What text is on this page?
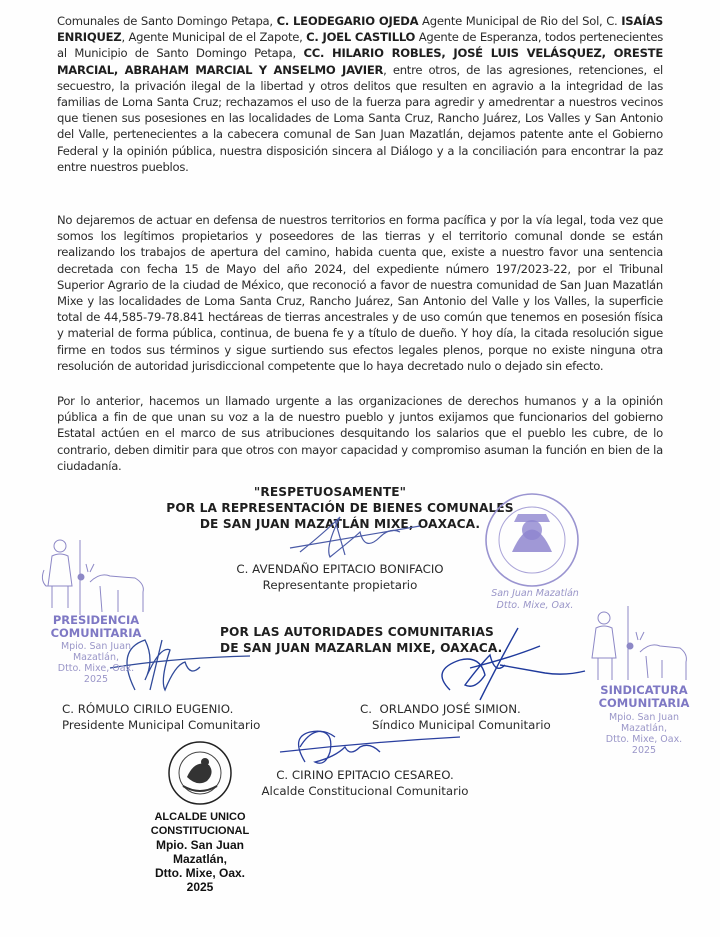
Comunales de Santo Domingo Petapa, C. LEODEGARIO OJEDA Agente Municipal de Rio del Sol, C. ISAÍAS ENRIQUEZ, Agente Municipal de el Zapote, C. JOEL CASTILLO Agente de Esperanza, todos pertenecientes al Municipio de Santo Domingo Petapa, CC. HILARIO ROBLES, JOSÉ LUIS VELÁSQUEZ, ORESTE MARCIAL, ABRAHAM MARCIAL Y ANSELMO JAVIER, entre otros, de las agresiones, retenciones, el secuestro, la privación ilegal de la libertad y otros delitos que resulten en agravio a la integridad de las familias de Loma Santa Cruz; rechazamos el uso de la fuerza para agredir y amedrentar a nuestros vecinos que tienen sus posesiones en las localidades de Loma Santa Cruz, Rancho Juárez, Los Valles y San Antonio del Valle, pertenecientes a la cabecera comunal de San Juan Mazatlán, dejamos patente ante el Gobierno Federal y la opinión pública, nuestra disposición sincera al Diálogo y a la conciliación para encontrar la paz entre nuestros pueblos.
No dejaremos de actuar en defensa de nuestros territorios en forma pacífica y por la vía legal, toda vez que somos los legítimos propietarios y poseedores de las tierras y el territorio comunal donde se están realizando los trabajos de apertura del camino, habida cuenta que, existe a nuestro favor una sentencia decretada con fecha 15 de Mayo del año 2024, del expediente número 197/2023-22, por el Tribunal Superior Agrario de la ciudad de México, que reconoció a favor de nuestra comunidad de San Juan Mazatlán Mixe y las localidades de Loma Santa Cruz, Rancho Juárez, San Antonio del Valle y los Valles, la superficie total de 44,585-79-78.841 hectáreas de tierras ancestrales y de uso común que tenemos en posesión física y material de forma pública, continua, de buena fe y a título de dueño. Y hoy día, la citada resolución sigue firme en todos sus términos y sigue surtiendo sus efectos legales plenos, porque no existe ninguna otra resolución de autoridad jurisdiccional competente que lo haya decretado nulo o dejado sin efecto.
Por lo anterior, hacemos un llamado urgente a las organizaciones de derechos humanos y a la opinión pública a fin de que unan su voz a la de nuestro pueblo y juntos exijamos que funcionarios del gobierno Estatal actúen en el marco de sus atribuciones desquitando los salarios que el pueblo les cubre, de lo contrario, deben dimitir para que otros con mayor capacidad y compromiso asuman la función en bien de la ciudadanía.
"RESPETUOSAMENTE"
POR LA REPRESENTACIÓN DE BIENES COMUNALES
DE SAN JUAN MAZATLÁN MIXE, OAXACA.
C. AVENDAÑO EPITACIO BONIFACIO
Representante propietario
POR LAS AUTORIDADES COMUNITARIAS
DE SAN JUAN MAZARLAN MIXE, OAXACA.
C. RÓMULO CIRILO EUGENIO.
Presidente Municipal Comunitario
C.  ORLANDO JOSÉ SIMION.
Síndico Municipal Comunitario
C. CIRINO EPITACIO CESAREO.
Alcalde Constitucional Comunitario
San Juan Mazatlán
Dtto. Mixe, Oax.
PRESIDENCIA
COMUNITARIA
Mpio. San Juan
Mazatlán,
Dtto. Mixe, Oax.
2025
SINDICATURA
COMUNITARIA
Mpio. San Juan
Mazatlán,
Dtto. Mixe, Oax.
2025
ALCALDE UNICO
CONSTITUCIONAL
Mpio. San Juan
Mazatlán,
Dtto. Mixe, Oax.
2025
